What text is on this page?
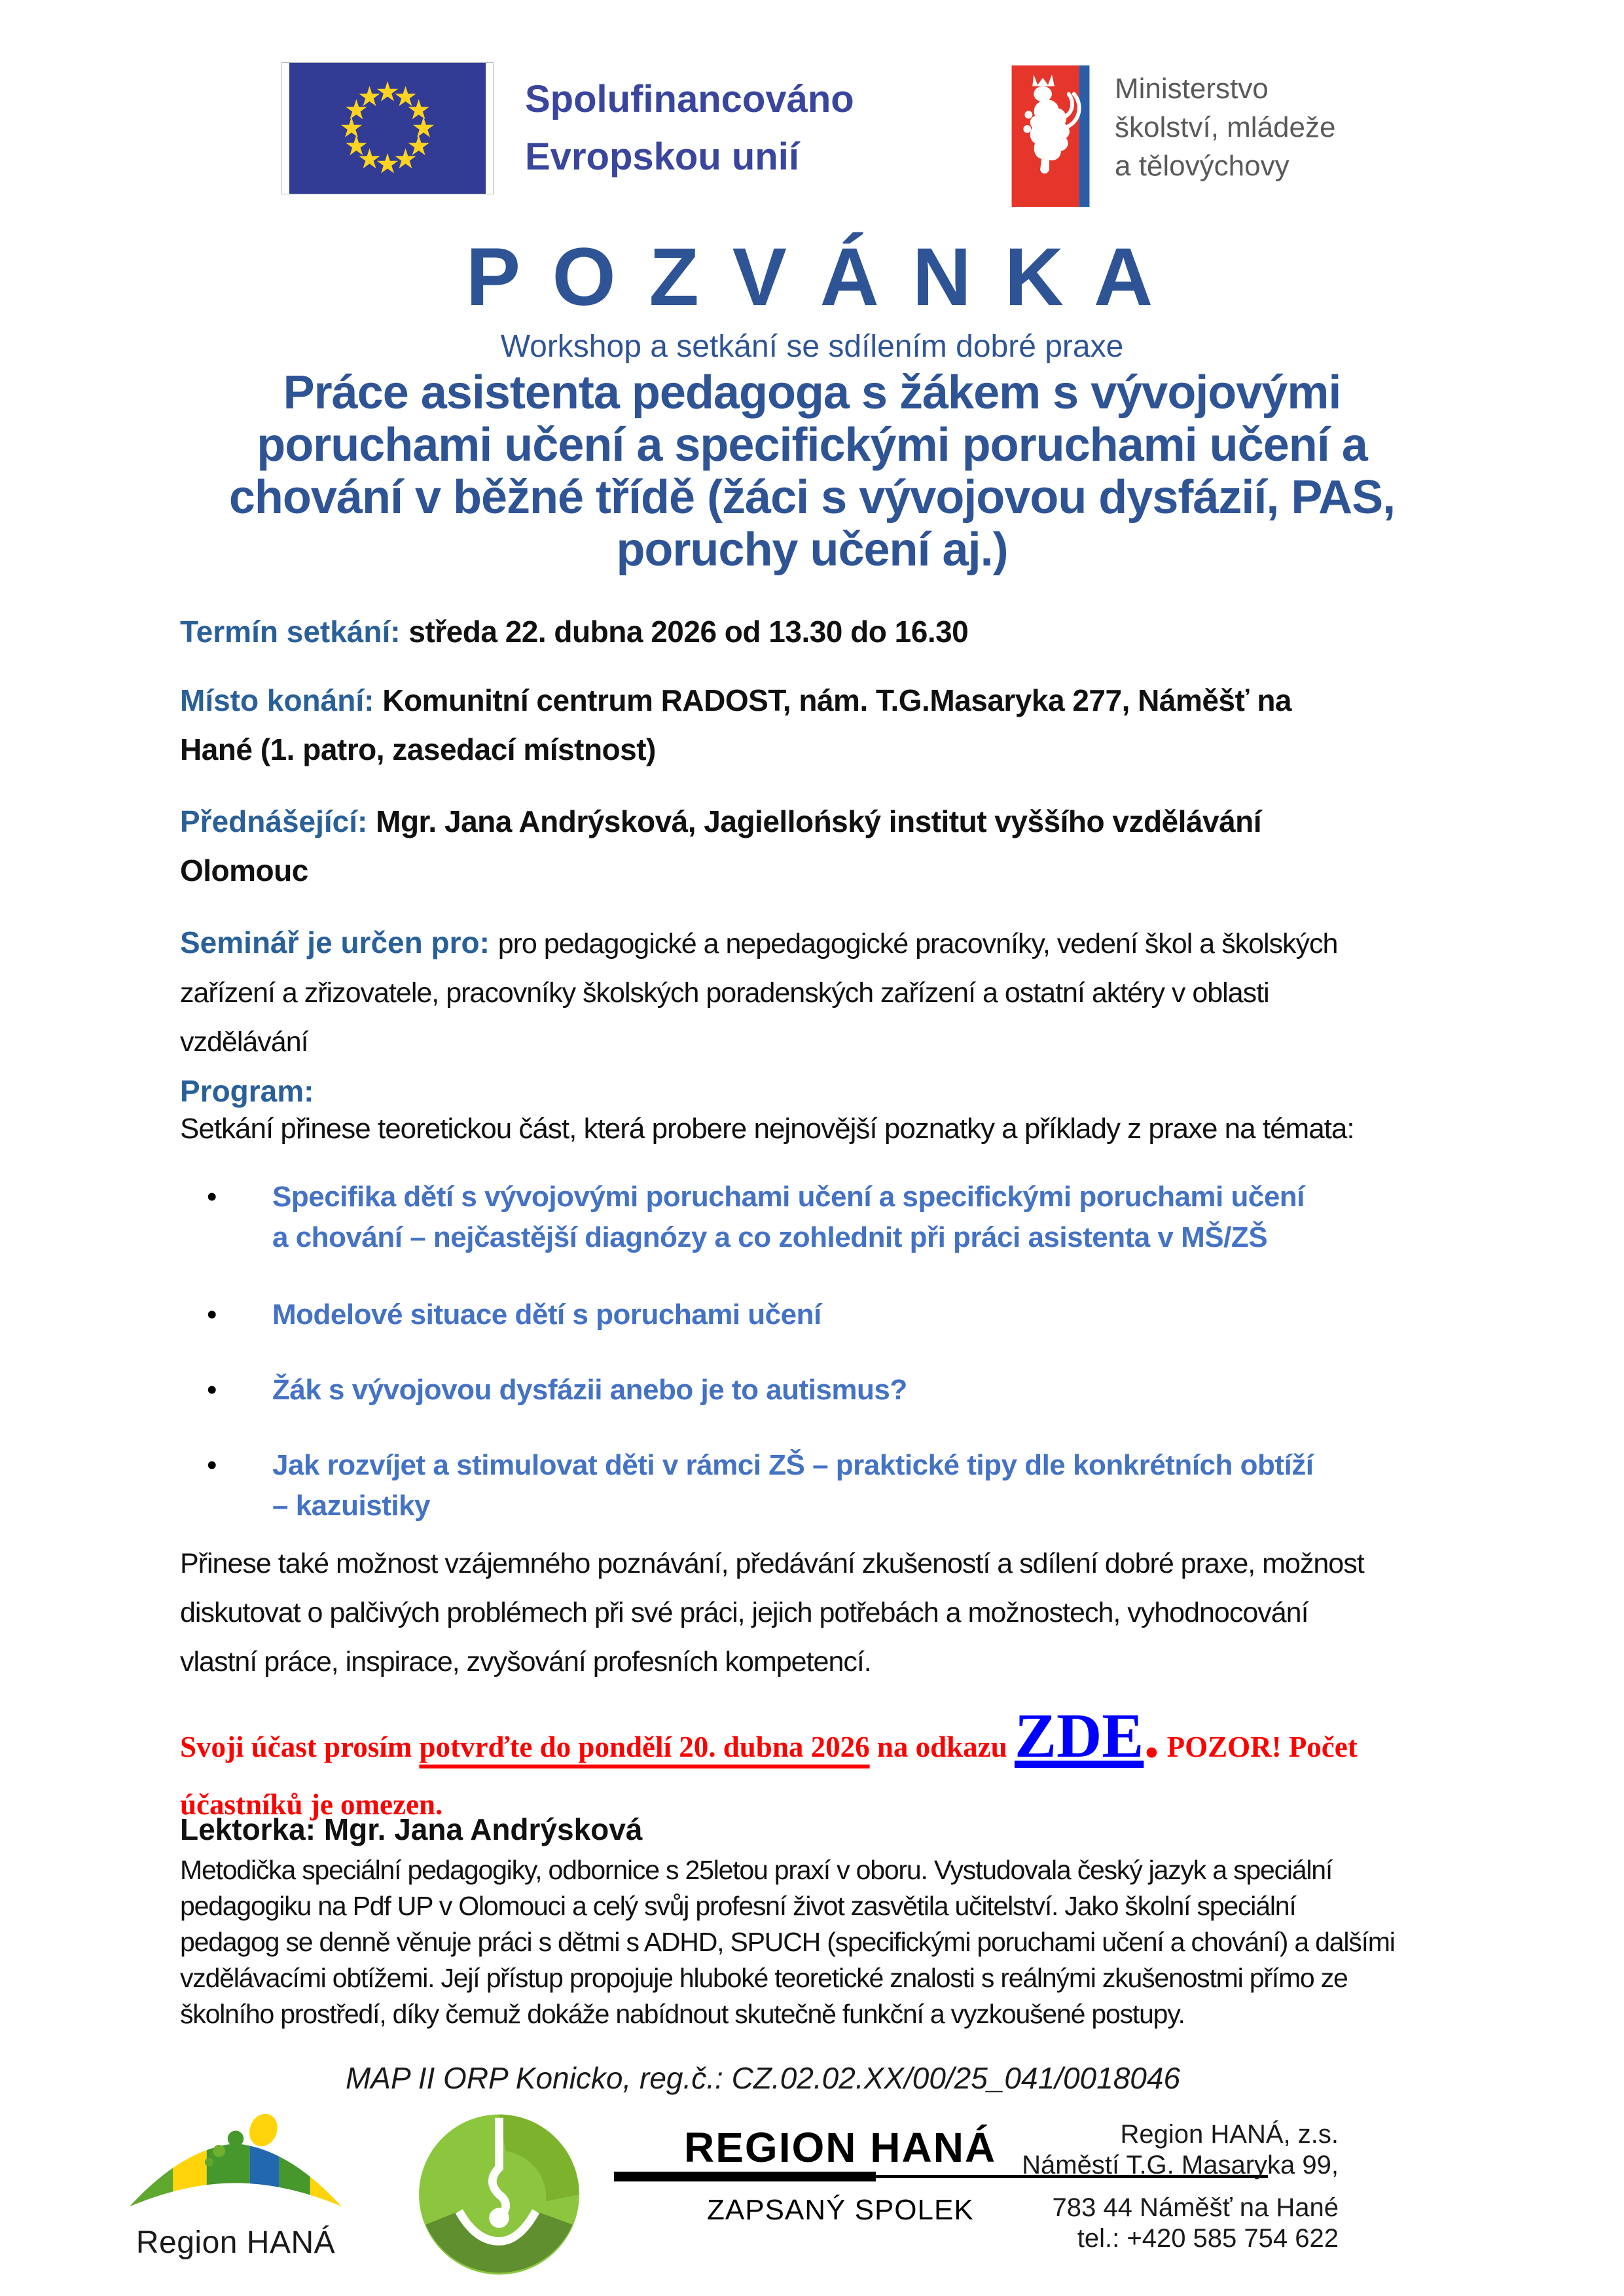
Spolufinancováno
Evropskou unií
Ministerstvo
školství, mládeže
a tělovýchovy
P O Z V Á N K A
Workshop a setkání se sdílením dobré praxe
Práce asistenta pedagoga s žákem s vývojovými
poruchami učení a specifickými poruchami učení a
chování v běžné třídě (žáci s vývojovou dysfázií, PAS,
poruchy učení aj.)
Termín setkání: středa 22. dubna 2026 od 13.30 do 16.30
Místo konání: Komunitní centrum RADOST, nám. T.G.Masaryka 277, Náměšť na
Hané (1. patro, zasedací místnost)
Přednášející: Mgr. Jana Andrýsková, Jagiellońský institut vyššího vzdělávání
Olomouc
Seminář je určen pro: pro pedagogické a nepedagogické pracovníky, vedení škol a školských
zařízení a zřizovatele, pracovníky školských poradenských zařízení a ostatní aktéry v oblasti
vzdělávání
Program:
Setkání přinese teoretickou část, která probere nejnovější poznatky a příklady z praxe na témata:
•	Specifika dětí s vývojovými poruchami učení a specifickými poruchami učení
a chování – nejčastější diagnózy a co zohlednit při práci asistenta v MŠ/ZŠ
•	Modelové situace dětí s poruchami učení
•	Žák s vývojovou dysfázii anebo je to autismus?
•	Jak rozvíjet a stimulovat děti v rámci ZŠ – praktické tipy dle konkrétních obtíží
– kazuistiky
Přinese také možnost vzájemného poznávání, předávání zkušeností a sdílení dobré praxe, možnost
diskutovat o palčivých problémech při své práci, jejich potřebách a možnostech, vyhodnocování
vlastní práce, inspirace, zvyšování profesních kompetencí.
Svoji účast prosím potvrďte do pondělí 20. dubna 2026 na odkazu ZDE. POZOR! Počet
účastníků je omezen.
Lektorka: Mgr. Jana Andrýsková
Metodička speciální pedagogiky, odbornice s 25letou praxí v oboru. Vystudovala český jazyk a speciální
pedagogiku na Pdf UP v Olomouci a celý svůj profesní život zasvětila učitelství. Jako školní speciální
pedagog se denně věnuje práci s dětmi s ADHD, SPUCH (specifickými poruchami učení a chování) a dalšími
vzdělávacími obtížemi. Její přístup propojuje hluboké teoretické znalosti s reálnými zkušenostmi přímo ze
školního prostředí, díky čemuž dokáže nabídnout skutečně funkční a vyzkoušené postupy.
MAP II ORP Konicko, reg.č.: CZ.02.02.XX/00/25_041/0018046
Region HANÁ
REGION HANÁ
ZAPSANÝ SPOLEK
Region HANÁ, z.s.
Náměstí T.G. Masaryka 99,
783 44 Náměšť na Hané
tel.: +420 585 754 622
